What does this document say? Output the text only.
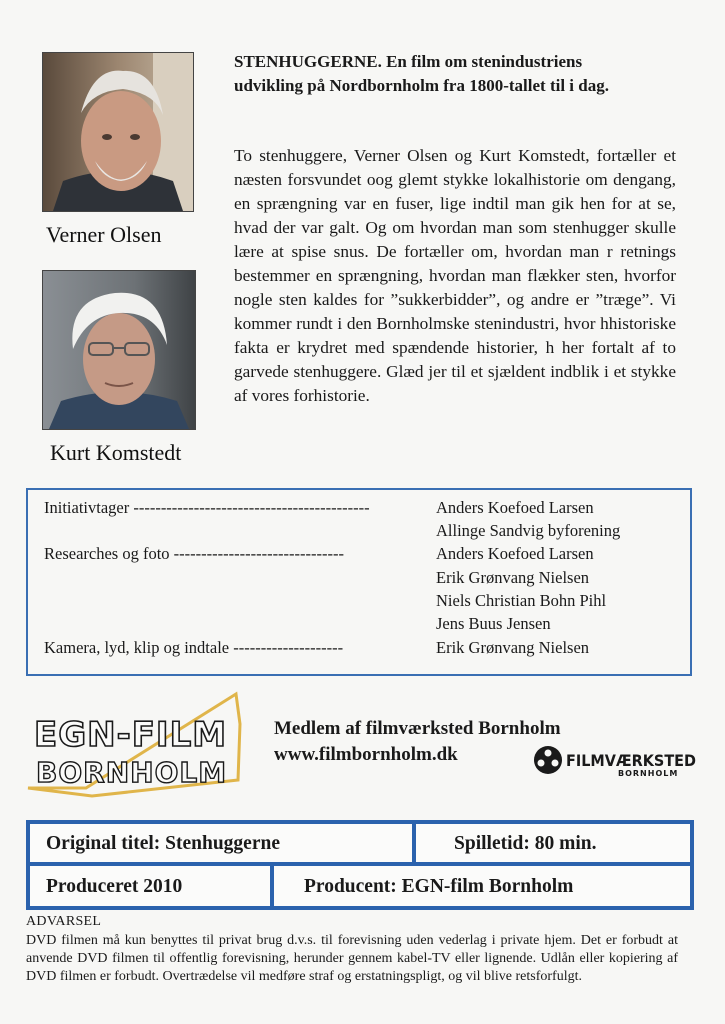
Verner Olsen
Kurt Komstedt
STENHUGGERNE. En film om stenindustriens udvikling på Nordbornholm fra 1800-tallet til i dag.
To stenhuggere, Verner Olsen og Kurt Komstedt, fortæller et næsten forsvundet oog glemt stykke lokalhistorie om dengang, en sprængning var en fuser, lige indtil man gik hen for at se, hvad der var galt. Og om hvordan man som stenhugger skulle lære at spise snus. De fortæller om, hvordan man r retnings bestemmer en sprængning, hvordan man flækker sten, hvorfor nogle sten kaldes for ”sukkerbidder”, og andre er ”træge”. Vi kommer rundt i den Bornholmske stenindustri, hvor hhistoriske fakta er krydret med spændende historier, h her fortalt af to garvede stenhuggere. Glæd jer til et sjældent indblik i et stykke af vores forhistorie.
Initiativtager -------------------------------------------	Anders Koefoed Larsen
Allinge Sandvig byforening
Researches og foto -------------------------------	Anders Koefoed Larsen
Erik Grønvang Nielsen
Niels Christian Bohn Pihl
Jens Buus Jensen
Kamera, lyd, klip og indtale --------------------	Erik Grønvang Nielsen
EGN-FILM
BORNHOLM
Medlem af filmværksted Bornholm
www.filmbornholm.dk	FILMVÆRKSTED
BORNHOLM
Original titel: Stenhuggerne	Spilletid: 80 min.
Produceret 2010	Producent: EGN-film Bornholm
ADVARSEL
DVD filmen må kun benyttes til privat brug d.v.s. til forevisning uden vederlag i private hjem. Det er forbudt at anvende DVD filmen til offentlig forevisning, herunder gennem kabel-TV eller lignende. Udlån eller kopiering af DVD filmen er forbudt. Overtrædelse vil medføre straf og erstatningspligt, og vil blive retsforfulgt.
